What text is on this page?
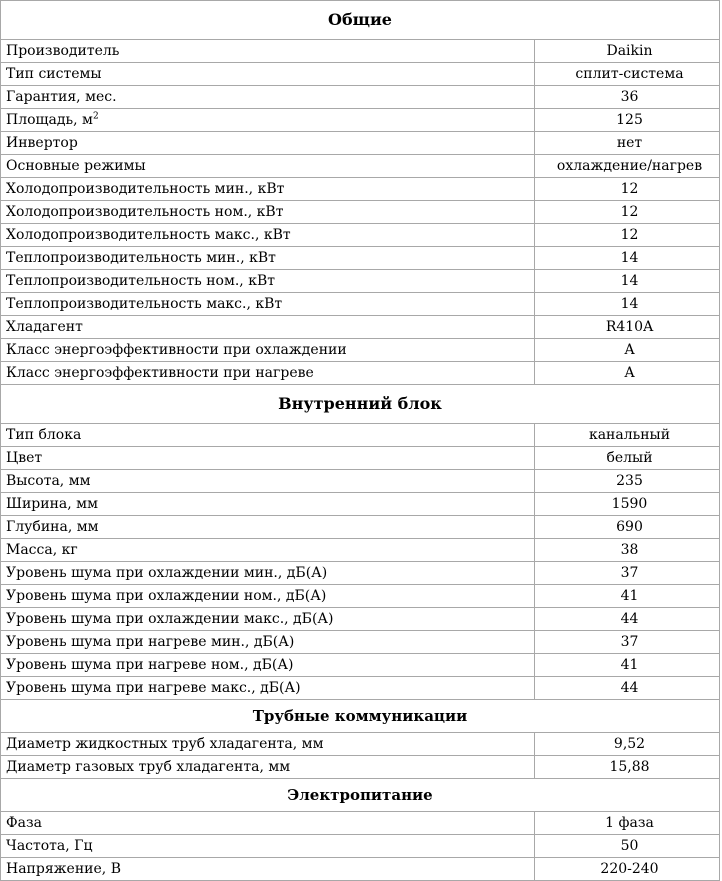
Общие	
Производитель	Daikin
Тип системы	сплит-система
Гарантия, мес.	36
Площадь, $м^2$	125
Инвертор	нет
Основные режимы	охлаждение/нагрев
Холодопроизводительность мин., кВт	12
Холодопроизводительность ном., кВт	12
Холодопроизводительность макс., кВт	12
Теплопроизводительность мин., кВт	14
Теплопроизводительность ном., кВт	14
Теплопроизводительность макс., кВт	14
Хладагент	R410A
Класс энергоэффективности при охлаждении	A
Класс энергоэффективности при нагреве	A
Внутренний блок	
Тип блока	канальный
Цвет	белый
Высота, мм	235
Ширина, мм	1590
Глубина, мм	690
Масса, кг	38
Уровень шума при охлаждении мин., дБ(А)	37
Уровень шума при охлаждении ном., дБ(А)	41
Уровень шума при охлаждении макс., дБ(А)	44
Уровень шума при нагреве мин., дБ(А)	37
Уровень шума при нагреве ном., дБ(А)	41
Уровень шума при нагреве макс., дБ(А)	44
Трубные коммуникации	
Диаметр жидкостных труб хладагента, мм	9,52
Диаметр газовых труб хладагента, мм	15,88
Электропитание	
Фаза	1 фаза
Частота, Гц	50
Напряжение, В	220-240
